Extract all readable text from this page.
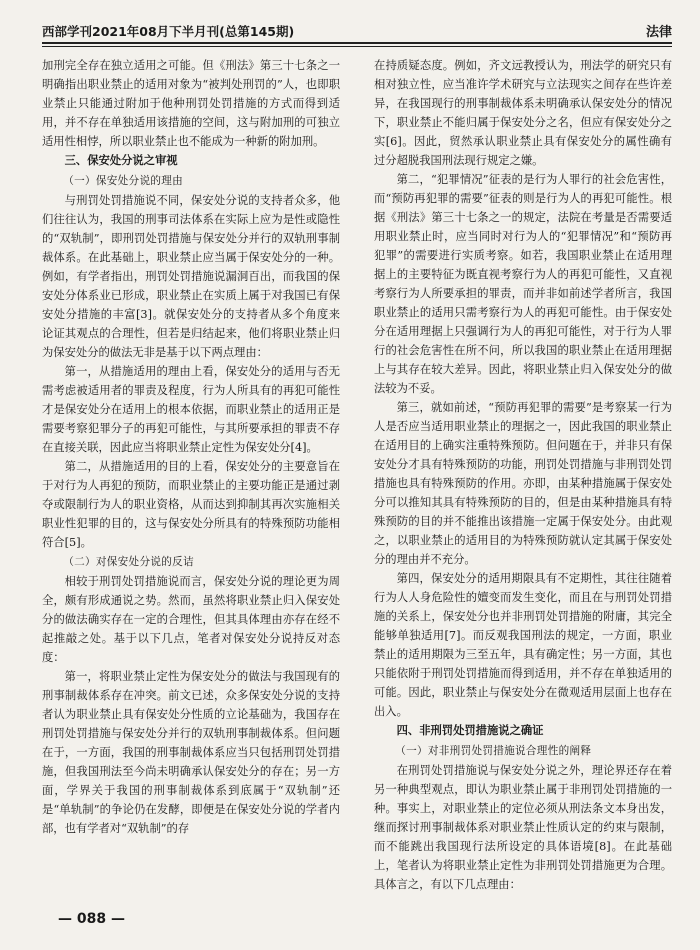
西部学刊2021年08月下半月刊(总第145期)	法律

加刑完全存在独立适用之可能。但《刑法》第三十七条之一明确指出职业禁止的适用对象为“被判处刑罚的”人，也即职业禁止只能通过附加于他种刑罚处罚措施的方式而得到适用，并不存在单独适用该措施的空间，这与附加刑的可独立适用性相悖，所以职业禁止也不能成为一种新的附加刑。

三、保安处分说之审视
（一）保安处分说的理由

与刑罚处罚措施说不同，保安处分说的支持者众多，他们往往认为，我国的刑事司法体系在实际上应为是性或隐性的“双轨制”，即刑罚处罚措施与保安处分并行的双轨刑事制裁体系。在此基础上，职业禁止应当属于保安处分的一种。例如，有学者指出，刑罚处罚措施说漏洞百出，而我国的保安处分体系业已形成，职业禁止在实质上属于对我国已有保安处分措施的丰富[3]。就保安处分的支持者从多个角度来论证其观点的合理性，但若是归结起来，他们将职业禁止归为保安处分的做法无非是基于以下两点理由：

第一，从措施适用的理由上看，保安处分的适用与否无需考虑被适用者的罪责及程度，行为人所具有的再犯可能性才是保安处分在适用上的根本依据，而职业禁止的适用正是需要考察犯罪分子的再犯可能性，与其所要承担的罪责不存在直接关联，因此应当将职业禁止定性为保安处分[4]。

第二，从措施适用的目的上看，保安处分的主要意旨在于对行为人再犯的预防，而职业禁止的主要功能正是通过剥夺或限制行为人的职业资格，从而达到抑制其再次实施相关职业性犯罪的目的，这与保安处分所具有的特殊预防功能相符合[5]。

（二）对保安处分说的反诘

相较于刑罚处罚措施说而言，保安处分说的理论更为周全，颇有形成通说之势。然而，虽然将职业禁止归入保安处分的做法确实存在一定的合理性，但其具体理由亦存在经不起推敲之处。基于以下几点，笔者对保安处分说持反对态度：

第一，将职业禁止定性为保安处分的做法与我国现有的刑事制裁体系存在冲突。前文已述，众多保安处分说的支持者认为职业禁止具有保安处分性质的立论基础为，我国存在刑罚处罚措施与保安处分并行的双轨刑事制裁体系。但问题在于，一方面，我国的刑事制裁体系应当只包括刑罚处罚措施，但我国刑法至今尚未明确承认保安处分的存在；另一方面，学界关于我国的刑事制裁体系到底属于“双轨制”还是“单轨制”的争论仍在发酵，即便是在保安处分说的学者内部，也有学者对“双轨制”的存

在持质疑态度。例如，齐文远教授认为，刑法学的研究只有相对独立性，应当准许学术研究与立法现实之间存在些许差异，在我国现行的刑事制裁体系未明确承认保安处分的情况下，职业禁止不能归属于保安处分之名，但应有保安处分之实[6]。因此，贸然承认职业禁止具有保安处分的属性确有过分超脱我国刑法现行规定之嫌。

第二，“犯罪情况”征表的是行为人罪行的社会危害性，而“预防再犯罪的需要”征表的则是行为人的再犯可能性。根据《刑法》第三十七条之一的规定，法院在考量是否需要适用职业禁止时，应当同时对行为人的“犯罪情况”和“预防再犯罪”的需要进行实质考察。如若，我国职业禁止在适用理据上的主要特征为既直视考察行为人的再犯可能性，又直视考察行为人所要承担的罪责，而并非如前述学者所言，我国职业禁止的适用只需考察行为人的再犯可能性。由于保安处分在适用理据上只强调行为人的再犯可能性，对于行为人罪行的社会危害性在所不问，所以我国的职业禁止在适用理据上与其存在较大差异。因此，将职业禁止归入保安处分的做法较为不妥。

第三，就如前述，“预防再犯罪的需要”是考察某一行为人是否应当适用职业禁止的理据之一，因此我国的职业禁止在适用目的上确实注重特殊预防。但问题在于，并非只有保安处分才具有特殊预防的功能，刑罚处罚措施与非刑罚处罚措施也具有特殊预防的作用。亦即，由某种措施属于保安处分可以推知其具有特殊预防的目的，但是由某种措施具有特殊预防的目的并不能推出该措施一定属于保安处分。由此观之，以职业禁止的适用目的为特殊预防就认定其属于保安处分的理由并不充分。

第四，保安处分的适用期限具有不定期性，其往往随着行为人人身危险性的嬗变而发生变化，而且在与刑罚处罚措施的关系上，保安处分也并非刑罚处罚措施的附庸，其完全能够单独适用[7]。而反观我国刑法的规定，一方面，职业禁止的适用期限为三至五年，具有确定性；另一方面，其也只能依附于刑罚处罚措施而得到适用，并不存在单独适用的可能。因此，职业禁止与保安处分在微观适用层面上也存在出入。

四、非刑罚处罚措施说之确证
（一）对非刑罚处罚措施说合理性的阐释

在刑罚处罚措施说与保安处分说之外，理论界还存在着另一种典型观点，即认为职业禁止属于非刑罚处罚措施的一种。事实上，对职业禁止的定位必须从刑法条文本身出发，继而探讨刑事制裁体系对职业禁止性质认定的约束与限制，而不能跳出我国现行法所设定的具体语境[8]。在此基础上，笔者认为将职业禁止定性为非刑罚处罚措施更为合理。具体言之，有以下几点理由：

— 088 —
